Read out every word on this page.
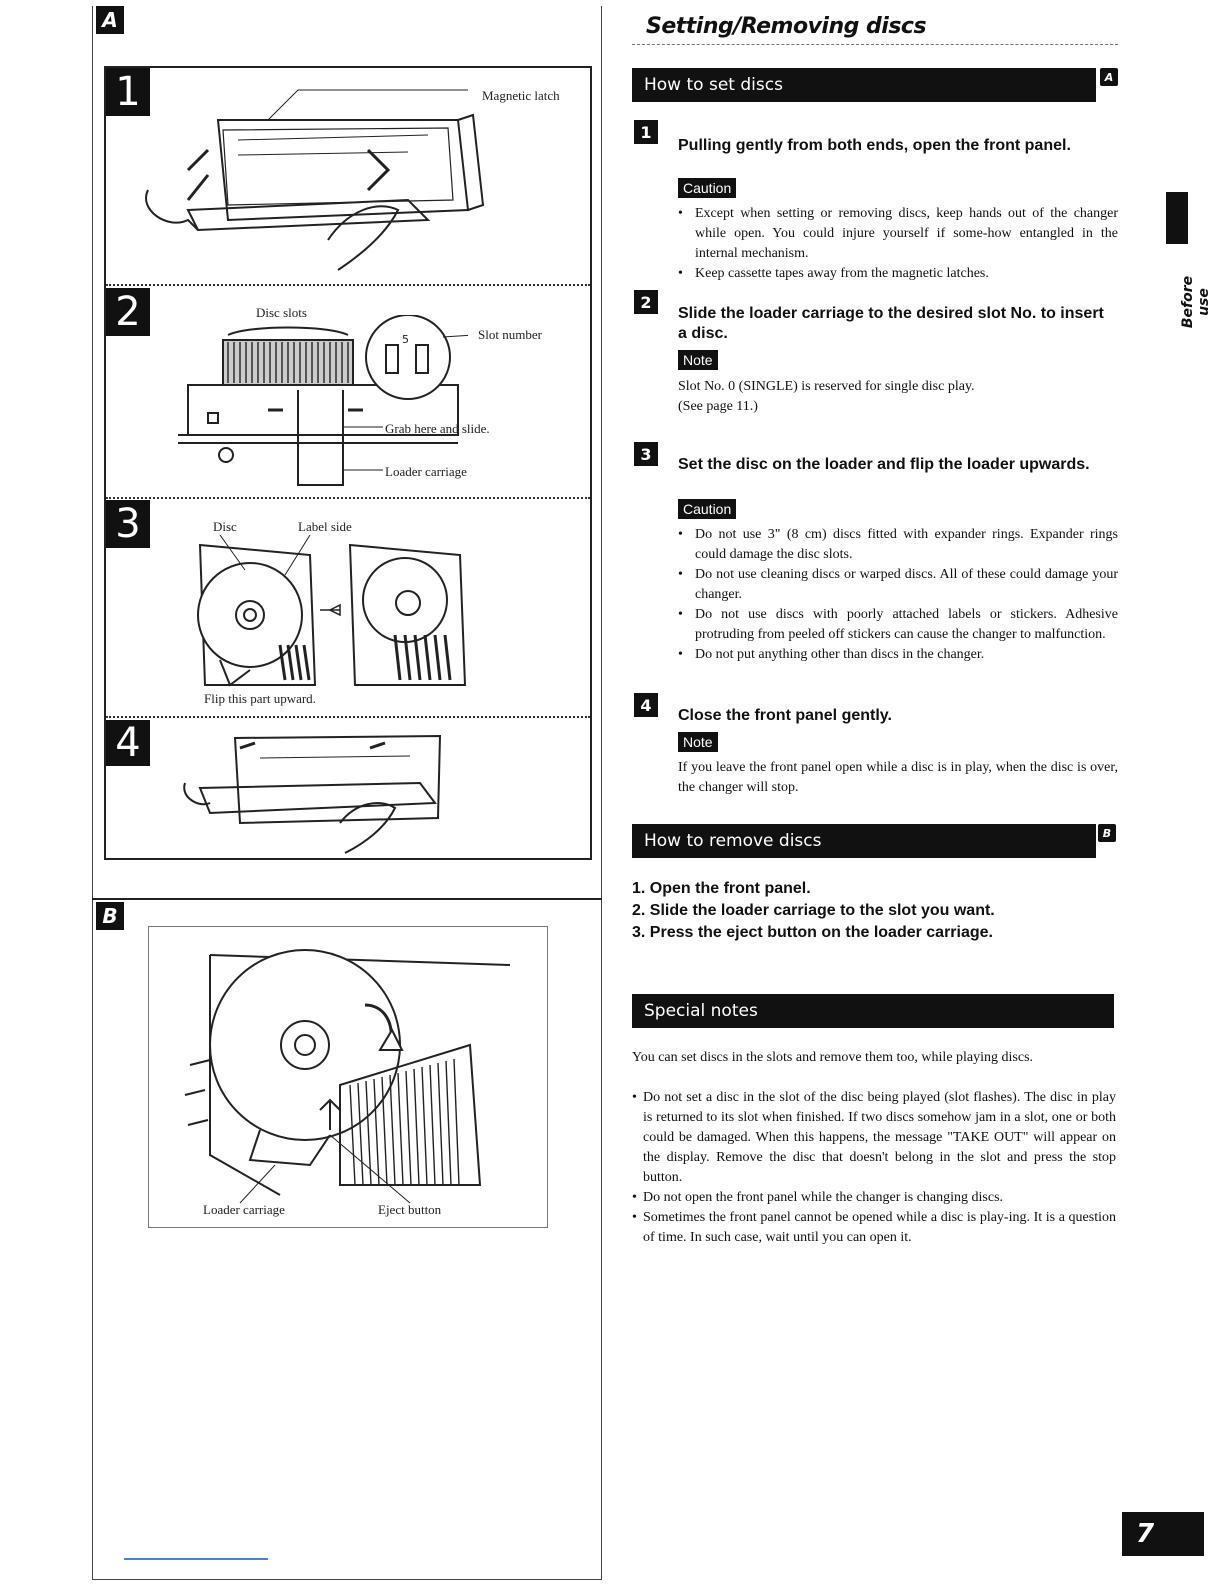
A
1	Magnetic latch
2	Disc slots
5	Slot number
Grab here and slide.
Loader carriage
3	Disc	Label side
Flip this part upward.
4
B
Loader carriage	Eject button
Setting/Removing discs
How to set discs	A
1
Pulling gently from both ends, open the front panel.
Caution
• Except when setting or removing discs, keep hands out of the changer while open. You could injure yourself if some-how entangled in the internal mechanism.
• Keep cassette tapes away from the magnetic latches.
2
Slide the loader carriage to the desired slot No. to insert a disc.
Note
Slot No. 0 (SINGLE) is reserved for single disc play.
(See page 11.)
3
Set the disc on the loader and flip the loader upwards.
Caution
• Do not use 3" (8 cm) discs fitted with expander rings. Expander rings could damage the disc slots.
• Do not use cleaning discs or warped discs. All of these could damage your changer.
• Do not use discs with poorly attached labels or stickers. Adhesive protruding from peeled off stickers can cause the changer to malfunction.
• Do not put anything other than discs in the changer.
4
Close the front panel gently.
Note
If you leave the front panel open while a disc is in play, when the disc is over, the changer will stop.
How to remove discs	B
1. Open the front panel.
2. Slide the loader carriage to the slot you want.
3. Press the eject button on the loader carriage.
Special notes
You can set discs in the slots and remove them too, while playing discs.
• Do not set a disc in the slot of the disc being played (slot flashes). The disc in play is returned to its slot when finished. If two discs somehow jam in a slot, one or both could be damaged. When this happens, the message "TAKE OUT" will appear on the display. Remove the disc that doesn't belong in the slot and press the stop button.
• Do not open the front panel while the changer is changing discs.
• Sometimes the front panel cannot be opened while a disc is play-ing. It is a question of time. In such case, wait until you can open it.
Before use
7
